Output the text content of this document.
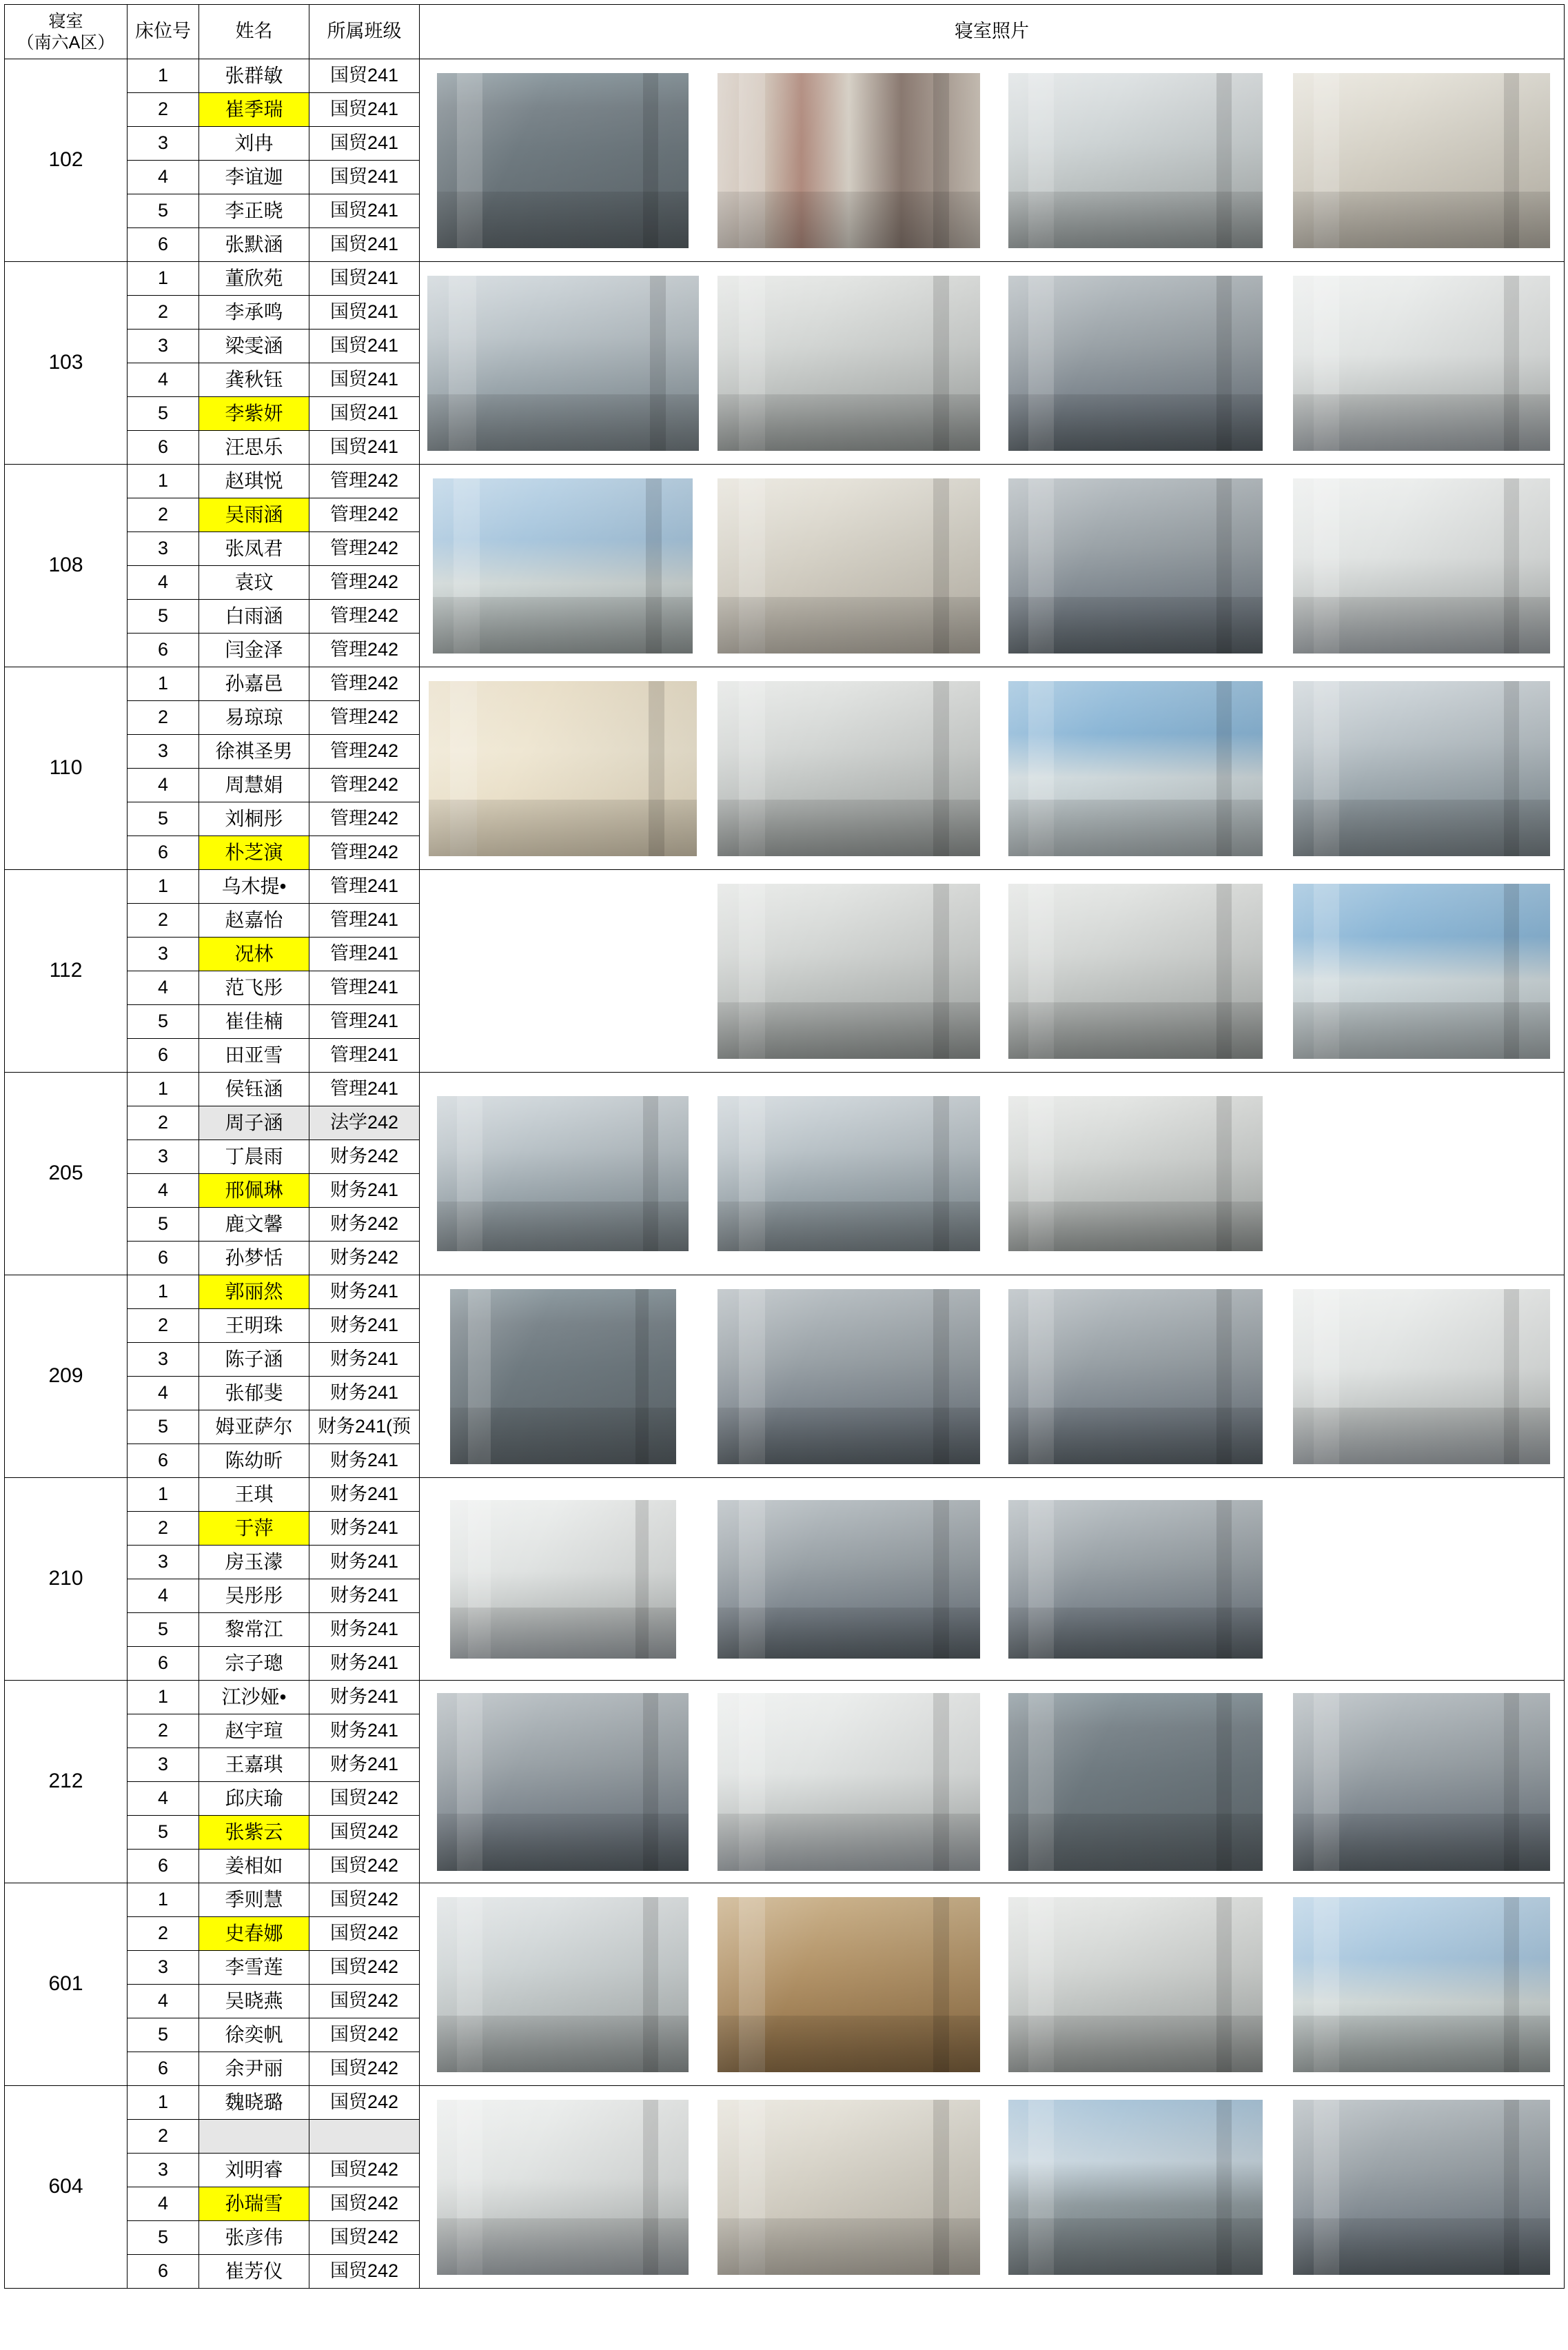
寝室
（南六A区）	床位号	姓名	所属班级	寝室照片
102	1	张群敏	国贸241	

	2	崔季瑞	国贸241	
	3	刘冉	国贸241	
	4	李谊迦	国贸241	
	5	李正晓	国贸241	
	6	张默涵	国贸241	
103	1	董欣苑	国贸241	

	2	李承鸣	国贸241	
	3	梁雯涵	国贸241	
	4	龚秋钰	国贸241	
	5	李紫妍	国贸241	
	6	汪思乐	国贸241	
108	1	赵琪悦	管理242	

	2	吴雨涵	管理242	
	3	张凤君	管理242	
	4	袁玟	管理242	
	5	白雨涵	管理242	
	6	闫金泽	管理242	
110	1	孙嘉邑	管理242	

	2	易琼琼	管理242	
	3	徐祺圣男	管理242	
	4	周慧娟	管理242	
	5	刘桐彤	管理242	
	6	朴芝演	管理242	
112	1	乌木提•	管理241	

	2	赵嘉怡	管理241	
	3	况林	管理241	
	4	范飞彤	管理241	
	5	崔佳楠	管理241	
	6	田亚雪	管理241	
205	1	侯钰涵	管理241	

	2	周子涵	法学242	
	3	丁晨雨	财务242	
	4	邢佩琳	财务241	
	5	鹿文馨	财务242	
	6	孙梦恬	财务242	
209	1	郭丽然	财务241	

	2	王明珠	财务241	
	3	陈子涵	财务241	
	4	张郁斐	财务241	
	5	姆亚萨尔	财务241(预	
	6	陈幼昕	财务241	
210	1	王琪	财务241	

	2	于萍	财务241	
	3	房玉濛	财务241	
	4	吴彤彤	财务241	
	5	黎常江	财务241	
	6	宗子璁	财务241	
212	1	江沙娅•	财务241	

	2	赵宇瑄	财务241	
	3	王嘉琪	财务241	
	4	邱庆瑜	国贸242	
	5	张紫云	国贸242	
	6	姜相如	国贸242	
601	1	季则慧	国贸242	

	2	史春娜	国贸242	
	3	李雪莲	国贸242	
	4	吴晓燕	国贸242	
	5	徐奕帆	国贸242	
	6	余尹丽	国贸242	
604	1	魏晓璐	国贸242	

	2			
	3	刘明睿	国贸242	
	4	孙瑞雪	国贸242	
	5	张彦伟	国贸242	
	6	崔芳仪	国贸242	
